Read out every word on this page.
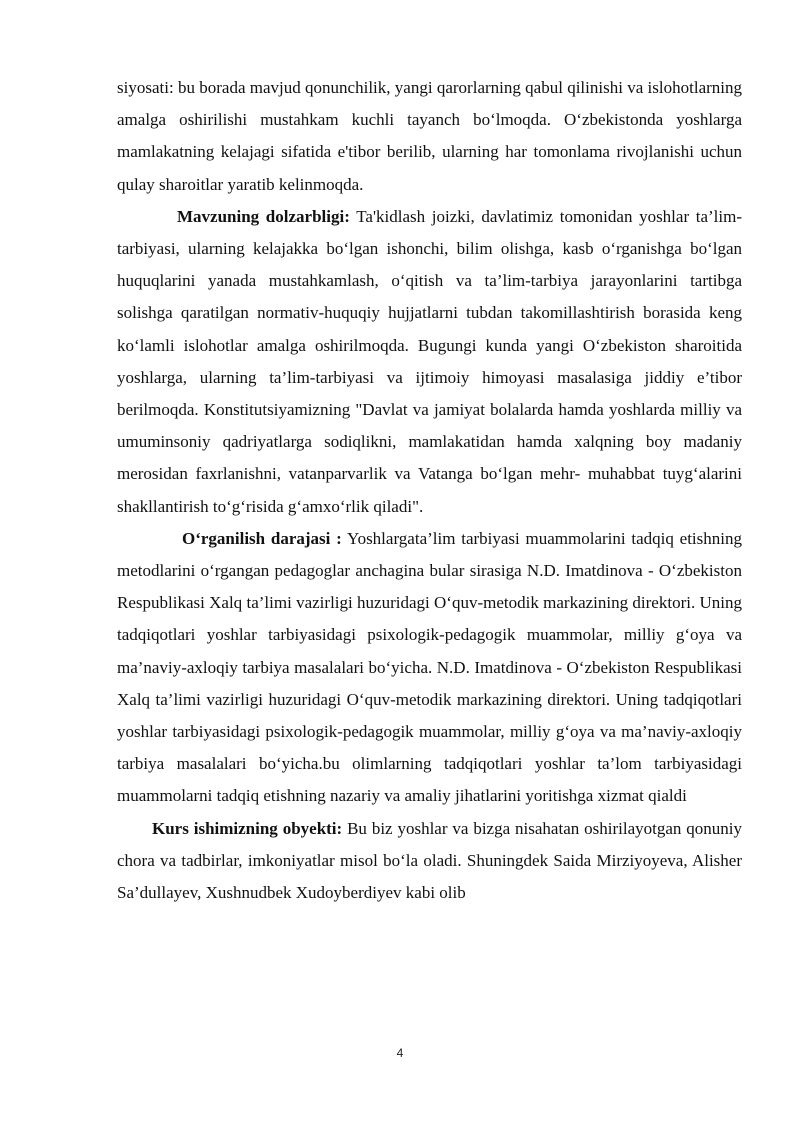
siyosati: bu borada mavjud qonunchilik, yangi qarorlarning qabul qilinishi va islohotlarning amalga oshirilishi mustahkam kuchli tayanch bo‘lmoqda. O‘zbekistonda yoshlarga mamlakatning kelajagi sifatida e'tibor berilib, ularning har tomonlama rivojlanishi uchun qulay sharoitlar yaratib kelinmoqda.

Mavzuning dolzarbligi: Ta'kidlash joizki, davlatimiz tomonidan yoshlar ta’lim-tarbiyasi, ularning kelajakka bo‘lgan ishonchi, bilim olishga, kasb o‘rganishga bo‘lgan huquqlarini yanada mustahkamlash, o‘qitish va ta’lim-tarbiya jarayonlarini tartibga solishga qaratilgan normativ-huquqiy hujjatlarni tubdan takomillashtirish borasida keng ko‘lamli islohotlar amalga oshirilmoqda. Bugungi kunda yangi O‘zbekiston sharoitida yoshlarga, ularning ta’lim-tarbiyasi va ijtimoiy himoyasi masalasiga jiddiy e’tibor berilmoqda. Konstitutsiyamizning "Davlat va jamiyat bolalarda hamda yoshlarda milliy va umuminsoniy qadriyatlarga sodiqlikni, mamlakatidan hamda xalqning boy madaniy merosidan faxrlanishni, vatanparvarlik va Vatanga bo‘lgan mehr- muhabbat tuyg‘alarini shakllantirish to‘g‘risida g‘amxo‘rlik qiladi".

O‘rganilish darajasi : Yoshlargata’lim tarbiyasi muammolarini tadqiq etishning metodlarini o‘rgangan pedagoglar anchagina bular sirasiga N.D. Imatdinova - O‘zbekiston Respublikasi Xalq ta’limi vazirligi huzuridagi O‘quv-metodik markazining direktori. Uning tadqiqotlari yoshlar tarbiyasidagi psixologik-pedagogik muammolar, milliy g‘oya va ma’naviy-axloqiy tarbiya masalalari bo‘yicha. N.D. Imatdinova - O‘zbekiston Respublikasi Xalq ta’limi vazirligi huzuridagi O‘quv-metodik markazining direktori. Uning tadqiqotlari yoshlar tarbiyasidagi psixologik-pedagogik muammolar, milliy g‘oya va ma’naviy-axloqiy tarbiya masalalari bo‘yicha.bu olimlarning tadqiqotlari yoshlar ta’lom tarbiyasidagi muammolarni tadqiq etishning nazariy va amaliy jihatlarini yoritishga xizmat qialdi

Kurs ishimizning obyekti: Bu biz yoshlar va bizga nisahatan oshirilayotgan qonuniy chora va tadbirlar, imkoniyatlar misol bo‘la oladi. Shuningdek Saida Mirziyoyeva, Alisher Sa’dullayev, Xushnudbek Xudoyberdiyev kabi olib

4
